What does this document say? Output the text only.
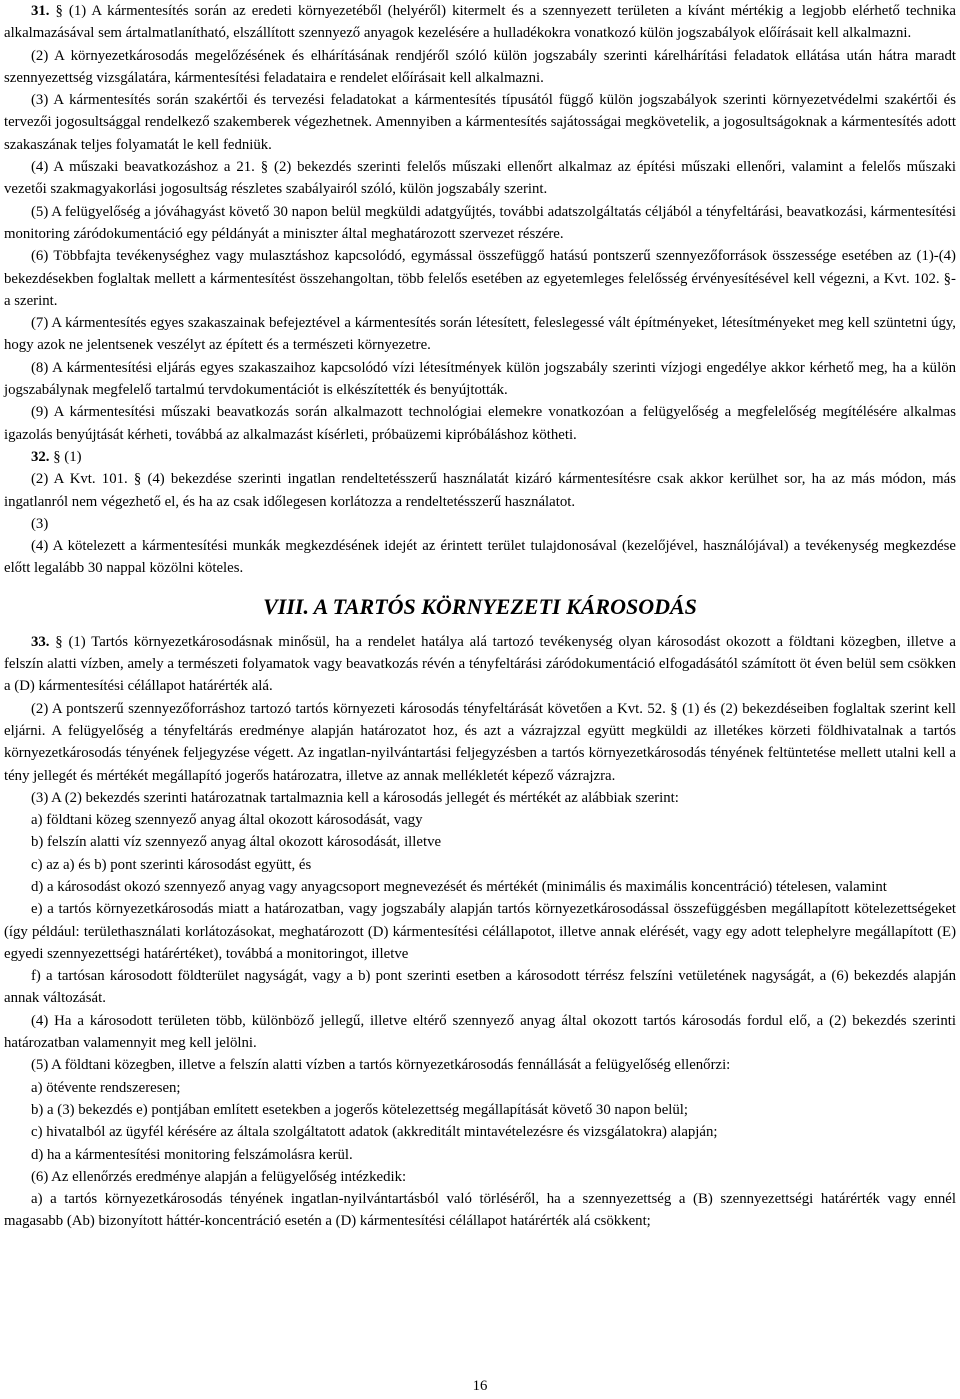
31. § (1) A kármentesítés során az eredeti környezetéből (helyéről) kitermelt és a szennyezett területen a kívánt mértékig a legjobb elérhető technika alkalmazásával sem ártalmatlanítható, elszállított szennyező anyagok kezelésére a hulladékokra vonatkozó külön jogszabályok előírásait kell alkalmazni.

(2) A környezetkárosodás megelőzésének és elhárításának rendjéről szóló külön jogszabály szerinti kárelhárítási feladatok ellátása után hátra maradt szennyezettség vizsgálatára, kármentesítési feladataira e rendelet előírásait kell alkalmazni.

(3) A kármentesítés során szakértői és tervezési feladatokat a kármentesítés típusától függő külön jogszabályok szerinti környezetvédelmi szakértői és tervezői jogosultsággal rendelkező szakemberek végezhetnek. Amennyiben a kármentesítés sajátosságai megkövetelik, a jogosultságoknak a kármentesítés adott szakaszának teljes folyamatát le kell fedniük.

(4) A műszaki beavatkozáshoz a 21. § (2) bekezdés szerinti felelős műszaki ellenőrt alkalmaz az építési műszaki ellenőri, valamint a felelős műszaki vezetői szakmagyakorlási jogosultság részletes szabályairól szóló, külön jogszabály szerint.

(5) A felügyelőség a jóváhagyást követő 30 napon belül megküldi adatgyűjtés, további adatszolgáltatás céljából a tényfeltárási, beavatkozási, kármentesítési monitoring záródokumentáció egy példányát a miniszter által meghatározott szervezet részére.

(6) Többfajta tevékenységhez vagy mulasztáshoz kapcsolódó, egymással összefüggő hatású pontszerű szennyezőforrások összessége esetében az (1)-(4) bekezdésekben foglaltak mellett a kármentesítést összehangoltan, több felelős esetében az egyetemleges felelősség érvényesítésével kell végezni, a Kvt. 102. §-a szerint.

(7) A kármentesítés egyes szakaszainak befejeztével a kármentesítés során létesített, feleslegessé vált építményeket, létesítményeket meg kell szüntetni úgy, hogy azok ne jelentsenek veszélyt az épített és a természeti környezetre.

(8) A kármentesítési eljárás egyes szakaszaihoz kapcsolódó vízi létesítmények külön jogszabály szerinti vízjogi engedélye akkor kérhető meg, ha a külön jogszabálynak megfelelő tartalmú tervdokumentációt is elkészítették és benyújtották.

(9) A kármentesítési műszaki beavatkozás során alkalmazott technológiai elemekre vonatkozóan a felügyelőség a megfelelőség megítélésére alkalmas igazolás benyújtását kérheti, továbbá az alkalmazást kísérleti, próbaüzemi kipróbáláshoz kötheti.

32. § (1)

(2) A Kvt. 101. § (4) bekezdése szerinti ingatlan rendeltetésszerű használatát kizáró kármentesítésre csak akkor kerülhet sor, ha az más módon, más ingatlanról nem végezhető el, és ha az csak időlegesen korlátozza a rendeltetésszerű használatot.

(3)

(4) A kötelezett a kármentesítési munkák megkezdésének idejét az érintett terület tulajdonosával (kezelőjével, használójával) a tevékenység megkezdése előtt legalább 30 nappal közölni köteles.

VIII. A TARTÓS KÖRNYEZETI KÁROSODÁS

33. § (1) Tartós környezetkárosodásnak minősül, ha a rendelet hatálya alá tartozó tevékenység olyan károsodást okozott a földtani közegben, illetve a felszín alatti vízben, amely a természeti folyamatok vagy beavatkozás révén a tényfeltárási záródokumentáció elfogadásától számított öt éven belül sem csökken a (D) kármentesítési célállapot határérték alá.

(2) A pontszerű szennyezőforráshoz tartozó tartós környezeti károsodás tényfeltárását követően a Kvt. 52. § (1) és (2) bekezdéseiben foglaltak szerint kell eljárni. A felügyelőség a tényfeltárás eredménye alapján határozatot hoz, és azt a vázrajzzal együtt megküldi az illetékes körzeti földhivatalnak a tartós környezetkárosodás tényének feljegyzése végett. Az ingatlan-nyilvántartási feljegyzésben a tartós környezetkárosodás tényének feltüntetése mellett utalni kell a tény jellegét és mértékét megállapító jogerős határozatra, illetve az annak mellékletét képező vázrajzra.

(3) A (2) bekezdés szerinti határozatnak tartalmaznia kell a károsodás jellegét és mértékét az alábbiak szerint:

a) földtani közeg szennyező anyag által okozott károsodását, vagy

b) felszín alatti víz szennyező anyag által okozott károsodását, illetve

c) az a) és b) pont szerinti károsodást együtt, és

d) a károsodást okozó szennyező anyag vagy anyagcsoport megnevezését és mértékét (minimális és maximális koncentráció) tételesen, valamint

e) a tartós környezetkárosodás miatt a határozatban, vagy jogszabály alapján tartós környezetkárosodással összefüggésben megállapított kötelezettségeket (így például: területhasználati korlátozásokat, meghatározott (D) kármentesítési célállapotot, illetve annak elérését, vagy egy adott telephelyre megállapított (E) egyedi szennyezettségi határértéket), továbbá a monitoringot, illetve

f) a tartósan károsodott földterület nagyságát, vagy a b) pont szerinti esetben a károsodott térrész felszíni vetületének nagyságát, a (6) bekezdés alapján annak változását.

(4) Ha a károsodott területen több, különböző jellegű, illetve eltérő szennyező anyag által okozott tartós károsodás fordul elő, a (2) bekezdés szerinti határozatban valamennyit meg kell jelölni.

(5) A földtani közegben, illetve a felszín alatti vízben a tartós környezetkárosodás fennállását a felügyelőség ellenőrzi:

a) ötévente rendszeresen;

b) a (3) bekezdés e) pontjában említett esetekben a jogerős kötelezettség megállapítását követő 30 napon belül;

c) hivatalból az ügyfél kérésére az általa szolgáltatott adatok (akkreditált mintavételezésre és vizsgálatokra) alapján;

d) ha a kármentesítési monitoring felszámolásra kerül.

(6) Az ellenőrzés eredménye alapján a felügyelőség intézkedik:

a) a tartós környezetkárosodás tényének ingatlan-nyilvántartásból való törléséről, ha a szennyezettség a (B) szennyezettségi határérték vagy ennél magasabb (Ab) bizonyított háttér-koncentráció esetén a (D) kármentesítési célállapot határérték alá csökkent;

16
